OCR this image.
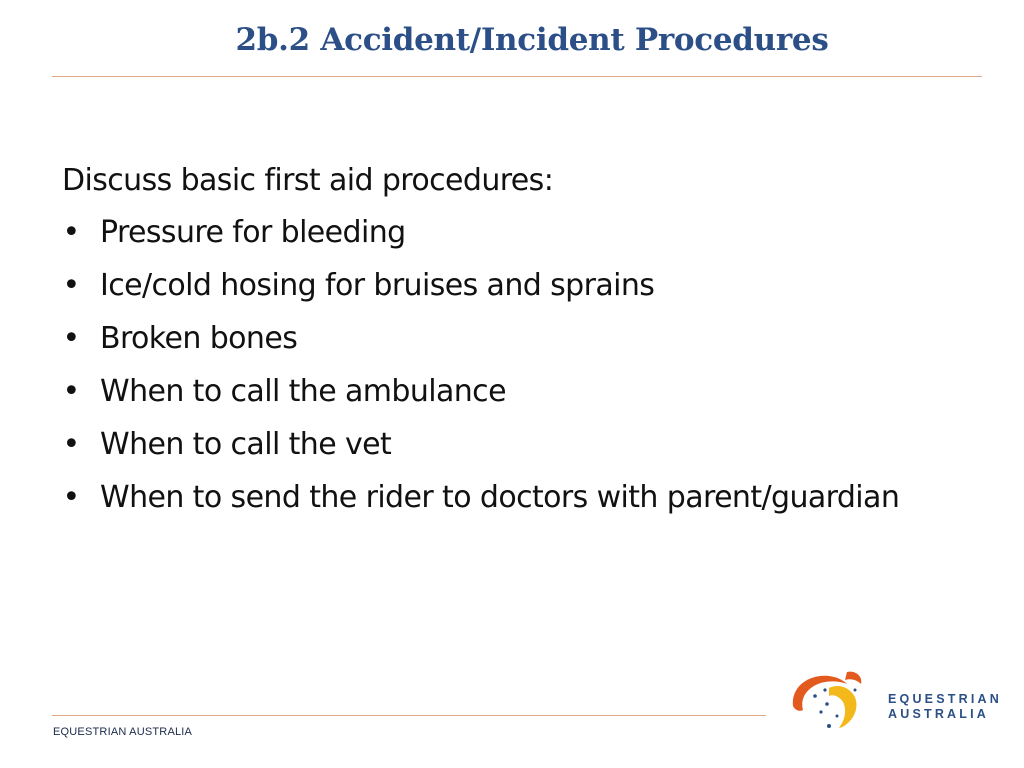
2b.2 Accident/Incident Procedures

Discuss basic first aid procedures:

• Pressure for bleeding
• Ice/cold hosing for bruises and sprains
• Broken bones
• When to call the ambulance
• When to call the vet
• When to send the rider to doctors with parent/guardian
EQUESTRIAN AUSTRALIA
EQUESTRIAN
AUSTRALIA
